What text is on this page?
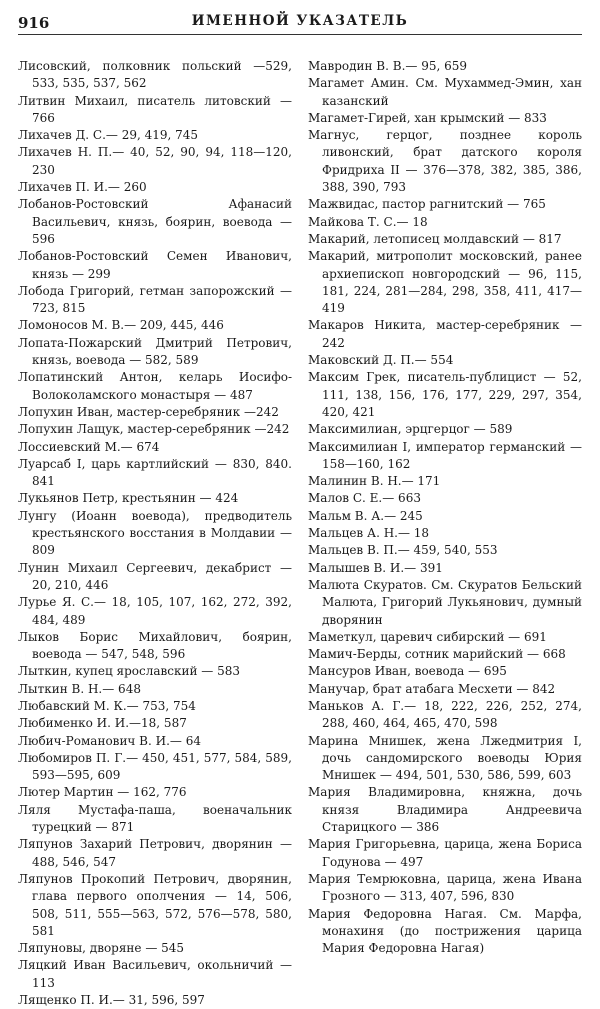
916	ИМЕННОЙ УКАЗАТЕЛЬ

Лисовский, полковник польский —529, 533, 535, 537, 562

Литвин Михаил, писатель литовский — 766

Лихачев Д. С.— 29, 419, 745

Лихачев Н. П.— 40, 52, 90, 94, 118—120, 230

Лихачев П. И.— 260

Лобанов-Ростовский Афанасий Васильевич, князь, боярин, воевода — 596

Лобанов-Ростовский Семен Иванович, князь — 299

Лобода Григорий, гетман запорожский — 723, 815

Ломоносов М. В.— 209, 445, 446

Лопата-Пожарский Дмитрий Петрович, князь, воевода — 582, 589

Лопатинский Антон, келарь Иосифо-Волоколамского монастыря — 487

Лопухин Иван, мастер-серебряник —242

Лопухин Лащук, мастер-серебряник —242

Лоссиевский М.— 674

Луарсаб I, царь картлийский — 830, 840. 841

Лукьянов Петр, крестьянин — 424

Лунгу (Иоанн воевода), предводитель крестьянского восстания в Молдавии — 809

Лунин Михаил Сергеевич, декабрист — 20, 210, 446

Лурье Я. С.— 18, 105, 107, 162, 272, 392, 484, 489

Лыков Борис Михайлович, боярин, воевода — 547, 548, 596

Лыткин, купец ярославский — 583

Лыткин В. Н.— 648

Любавский М. К.— 753, 754

Любименко И. И.—18, 587

Любич-Романович В. И.— 64

Любомиров П. Г.— 450, 451, 577, 584, 589, 593—595, 609

Лютер Мартин — 162, 776

Ляля Мустафа-паша, военачальник турецкий — 871

Ляпунов Захарий Петрович, дворянин — 488, 546, 547

Ляпунов Прокопий Петрович, дворянин, глава первого ополчения — 14, 506, 508, 511, 555—563, 572, 576—578, 580, 581

Ляпуновы, дворяне — 545

Ляцкий Иван Васильевич, окольничий — 113

Лященко П. И.— 31, 596, 597

Мавродин В. В.— 95, 659

Магамет Амин. См. Мухаммед-Эмин, хан казанский

Магамет-Гирей, хан крымский — 833

Магнус, герцог, позднее король ливонский, брат датского короля Фридриха II — 376—378, 382, 385, 386, 388, 390, 793

Мажвидас, пастор рагнитский — 765

Майкова Т. С.— 18

Макарий, летописец молдавский — 817

Макарий, митрополит московский, ранее архиепископ новгородский — 96, 115, 181, 224, 281—284, 298, 358, 411, 417—419

Макаров Никита, мастер-серебряник — 242

Маковский Д. П.— 554

Максим Грек, писатель-публицист — 52, 111, 138, 156, 176, 177, 229, 297, 354, 420, 421

Максимилиан, эрцгерцог — 589

Максимилиан I, император германский — 158—160, 162

Малинин В. Н.— 171

Малов С. Е.— 663

Мальм В. А.— 245

Мальцев А. Н.— 18

Мальцев В. П.— 459, 540, 553

Малышев В. И.— 391

Малюта Скуратов. См. Скуратов Бельский Малюта, Григорий Лукьянович, думный дворянин

Маметкул, царевич сибирский — 691

Мамич-Берды, сотник марийский — 668

Мансуров Иван, воевода — 695

Манучар, брат атабага Месхети — 842

Маньков А. Г.— 18, 222, 226, 252, 274, 288, 460, 464, 465, 470, 598

Марина Мнишек, жена Лжедмитрия I, дочь сандомирского воеводы Юрия Мнишек — 494, 501, 530, 586, 599, 603

Мария Владимировна, княжна, дочь князя Владимира Андреевича Старицкого — 386

Мария Григорьевна, царица, жена Бориса Годунова — 497

Мария Темрюковна, царица, жена Ивана Грозного — 313, 407, 596, 830

Мария Федоровна Нагая. См. Марфа, монахиня (до пострижения царица Мария Федоровна Нагая)
